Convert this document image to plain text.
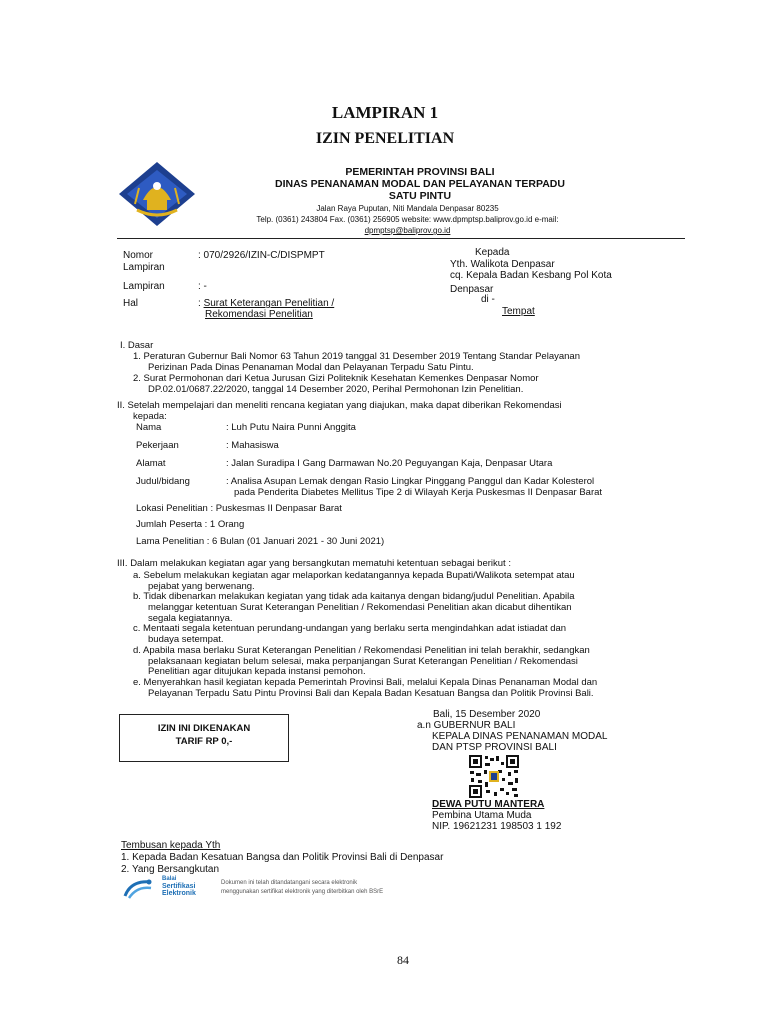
LAMPIRAN 1
IZIN PENELITIAN
PEMERINTAH PROVINSI BALI
DINAS PENANAMAN MODAL DAN PELAYANAN TERPADU
SATU PINTU
Jalan Raya Puputan, Niti Mandala Denpasar 80235
Telp. (0361) 243804 Fax. (0361) 256905 website: www.dpmptsp.baliprov.go.id e-mail:
dpmptsp@baliprov.go.id
Nomor	: 070/2926/IZIN-C/DISPMPT
Lampiran
Lampiran	: -
Hal	: Surat Keterangan Penelitian /
Rekomendasi Penelitian
Kepada
Yth. Walikota Denpasar
cq. Kepala Badan Kesbang Pol Kota
Denpasar
di -
Tempat
I. Dasar
1. Peraturan Gubernur Bali Nomor 63 Tahun 2019 tanggal 31 Desember 2019 Tentang Standar Pelayanan
Perizinan Pada Dinas Penanaman Modal dan Pelayanan Terpadu Satu Pintu.
2. Surat Permohonan dari Ketua Jurusan Gizi Politeknik Kesehatan Kemenkes Denpasar Nomor
DP.02.01/0687.22/2020, tanggal 14 Desember 2020, Perihal Permohonan Izin Penelitian.
II. Setelah mempelajari dan meneliti rencana kegiatan yang diajukan, maka dapat diberikan Rekomendasi
kepada:
Nama	: Luh Putu Naira Punni Anggita
Pekerjaan	: Mahasiswa
Alamat	: Jalan Suradipa I Gang Darmawan No.20 Peguyangan Kaja, Denpasar Utara
Judul/bidang	: Analisa Asupan Lemak dengan Rasio Lingkar Pinggang Panggul dan Kadar Kolesterol
pada Penderita Diabetes Mellitus Tipe 2 di Wilayah Kerja Puskesmas II Denpasar Barat
Lokasi Penelitian : Puskesmas II Denpasar Barat
Jumlah Peserta : 1 Orang
Lama Penelitian : 6 Bulan (01 Januari 2021 - 30 Juni 2021)
III. Dalam melakukan kegiatan agar yang bersangkutan mematuhi ketentuan sebagai berikut :
a. Sebelum melakukan kegiatan agar melaporkan kedatangannya kepada Bupati/Walikota setempat atau
pejabat yang berwenang.
b. Tidak dibenarkan melakukan kegiatan yang tidak ada kaitanya dengan bidang/judul Penelitian. Apabila
melanggar ketentuan Surat Keterangan Penelitian / Rekomendasi Penelitian akan dicabut dihentikan
segala kegiatannya.
c. Mentaati segala ketentuan perundang-undangan yang berlaku serta mengindahkan adat istiadat dan
budaya setempat.
d. Apabila masa berlaku Surat Keterangan Penelitian / Rekomendasi Penelitian ini telah berakhir, sedangkan
pelaksanaan kegiatan belum selesai, maka perpanjangan Surat Keterangan Penelitian / Rekomendasi
Penelitian agar ditujukan kepada instansi pemohon.
e. Menyerahkan hasil kegiatan kepada Pemerintah Provinsi Bali, melalui Kepala Dinas Penanaman Modal dan
Pelayanan Terpadu Satu Pintu Provinsi Bali dan Kepala Badan Kesatuan Bangsa dan Politik Provinsi Bali.
IZIN INI DIKENAKAN
TARIF RP 0,-
Bali, 15 Desember 2020
a.n GUBERNUR BALI
KEPALA DINAS PENANAMAN MODAL
DAN PTSP PROVINSI BALI
DEWA PUTU MANTERA
Pembina Utama Muda
NIP. 19621231 198503 1 192
Tembusan kepada Yth
1. Kepada Badan Kesatuan Bangsa dan Politik Provinsi Bali di Denpasar
2. Yang Bersangkutan
Balai
Sertifikasi
Elektronik
Dokumen ini telah ditandatangani secara elektronik
menggunakan sertifikat elektronik yang diterbitkan oleh BSrE
84
